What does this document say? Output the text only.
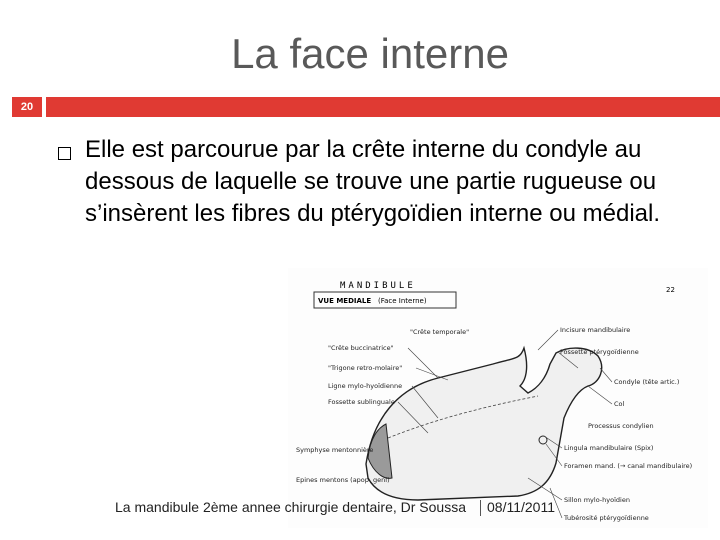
La face interne
20
Elle est parcourue par la crête interne du condyle au dessous de laquelle se trouve une partie rugueuse ou s’insèrent les fibres du ptérygoïdien interne ou médial.
MANDIBULE
VUE MEDIALE (Face Interne)
22
"Crête buccinatrice"
"Trigone retro-molaire"
Ligne mylo-hyoïdienne
Fossette sublinguale
Symphyse mentonnière
Epines mentons (apop. geni)
"Crête temporale"	Incisure mandibulaire
Fossette ptérygoïdienne
Condyle (tête artic.)
Col
Processus condylien
Lingula mandibulaire (Spix)
Foramen mand. (→ canal mandibulaire)
Sillon mylo-hyoïdien
Tubérosité ptérygoïdienne
La mandibule 2ème annee chirurgie dentaire, Dr Soussa 08/11/2011
